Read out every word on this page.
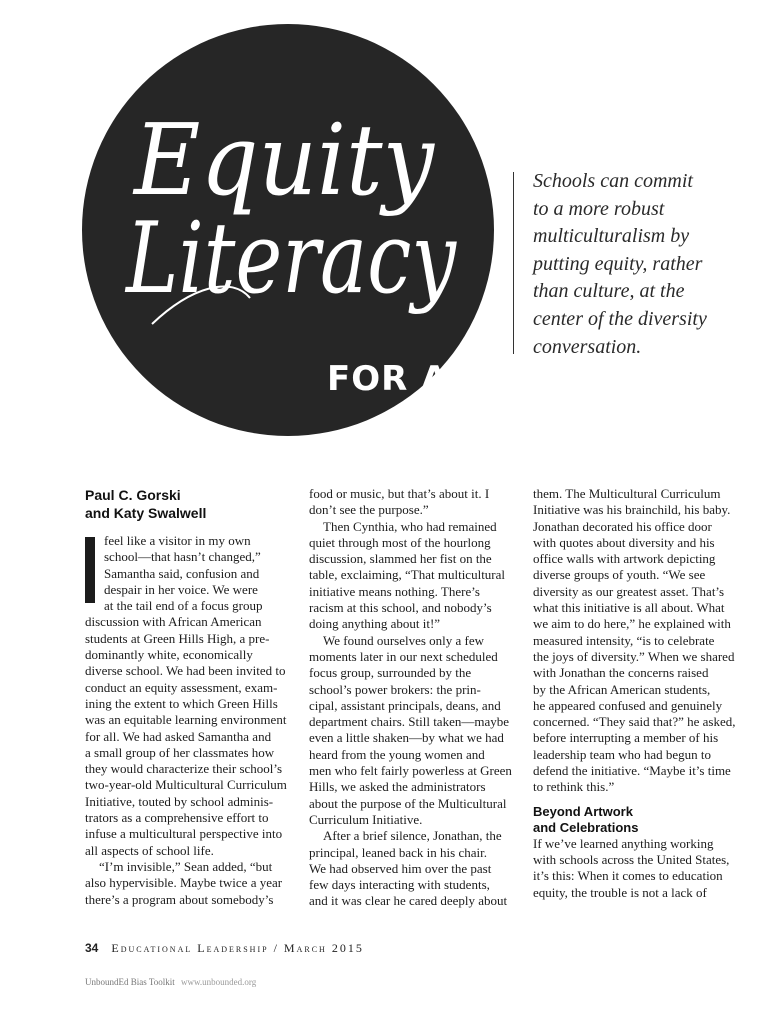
Equity
Literacy
FOR ALL
Schools can commit
to a more robust
multiculturalism by
putting equity, rather
than culture, at the
center of the diversity
conversation.
Paul C. Gorski
and Katy Swalwell
feel like a visitor in my own
school—that hasn’t changed,”
Samantha said, confusion and
despair in her voice. We were
at the tail end of a focus group
discussion with African American
students at Green Hills High, a pre-
dominantly white, economically
diverse school. We had been invited to
conduct an equity assessment, exam-
ining the extent to which Green Hills
was an equitable learning environment
for all. We had asked Samantha and
a small group of her classmates how
they would characterize their school’s
two-year-old Multicultural Curriculum
Initiative, touted by school adminis-
trators as a comprehensive effort to
infuse a multicultural perspective into
all aspects of school life.

“I’m invisible,” Sean added, “but
also hypervisible. Maybe twice a year
there’s a program about somebody’s

food or music, but that’s about it. I
don’t see the purpose.”

Then Cynthia, who had remained
quiet through most of the hourlong
discussion, slammed her fist on the
table, exclaiming, “That multicultural
initiative means nothing. There’s
racism at this school, and nobody’s
doing anything about it!”

We found ourselves only a few
moments later in our next scheduled
focus group, surrounded by the
school’s power brokers: the prin-
cipal, assistant principals, deans, and
department chairs. Still taken—maybe
even a little shaken—by what we had
heard from the young women and
men who felt fairly powerless at Green
Hills, we asked the administrators
about the purpose of the Multicultural
Curriculum Initiative.

After a brief silence, Jonathan, the
principal, leaned back in his chair.
We had observed him over the past
few days interacting with students,
and it was clear he cared deeply about

them. The Multicultural Curriculum
Initiative was his brainchild, his baby.
Jonathan decorated his office door
with quotes about diversity and his
office walls with artwork depicting
diverse groups of youth. “We see
diversity as our greatest asset. That’s
what this initiative is all about. What
we aim to do here,” he explained with
measured intensity, “is to celebrate
the joys of diversity.” When we shared
with Jonathan the concerns raised
by the African American students,
he appeared confused and genuinely
concerned. “They said that?” he asked,
before interrupting a member of his
leadership team who had begun to
defend the initiative. “Maybe it’s time
to rethink this.”

Beyond Artwork
and Celebrations

If we’ve learned anything working
with schools across the United States,
it’s this: When it comes to education
equity, the trouble is not a lack of

34 Educational Leadership / March 2015
UnboundEd Bias Toolkit www.unbounded.org
